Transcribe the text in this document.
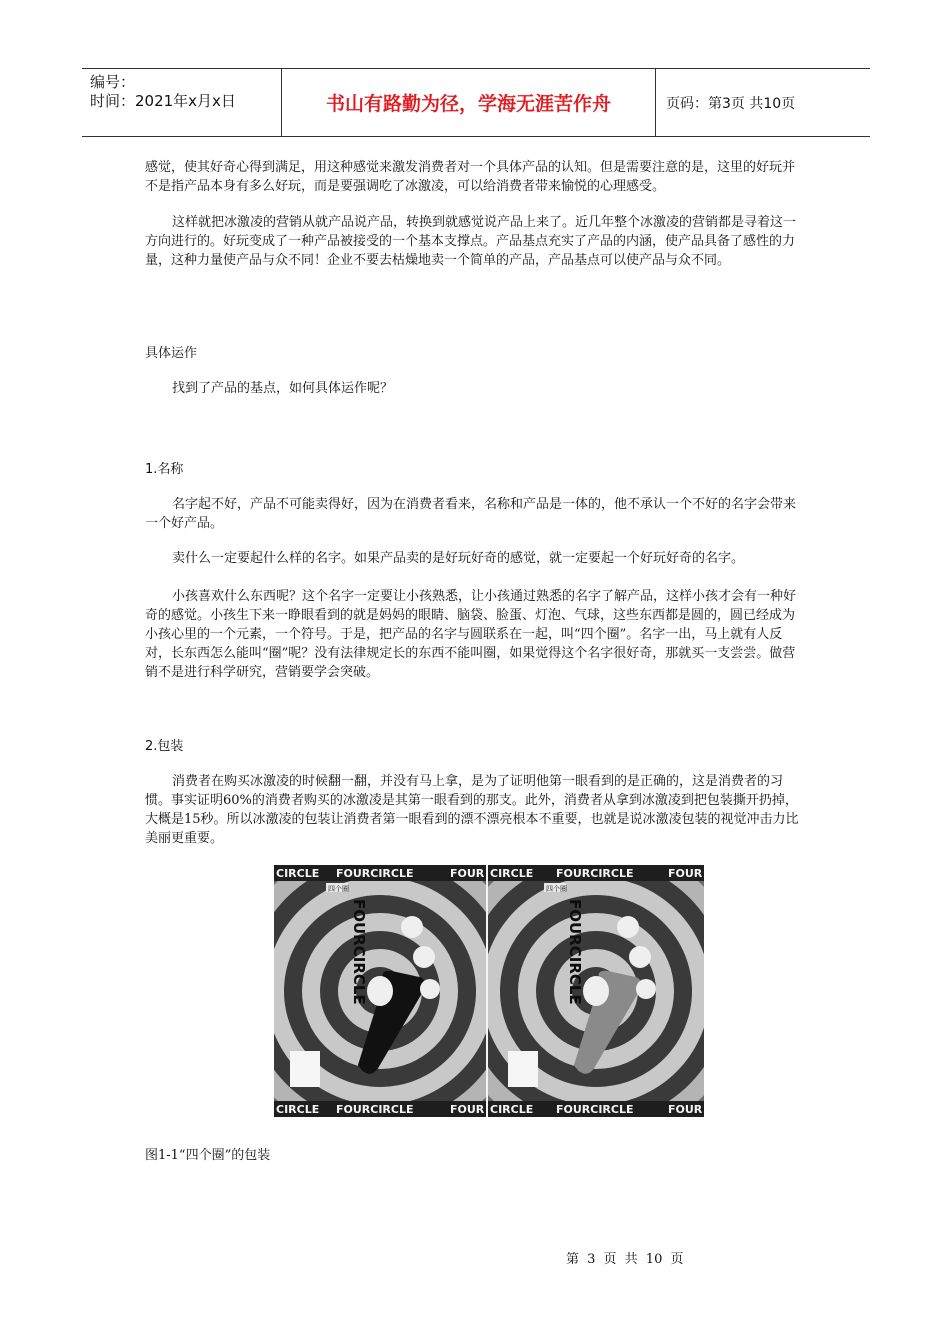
编号：
时间：2021年x月x日	书山有路勤为径，学海无涯苦作舟	页码：第3页 共10页

感觉，使其好奇心得到满足，用这种感觉来激发消费者对一个具体产品的认知。但是需要注意的是，这里的好玩并不是指产品本身有多么好玩，而是要强调吃了冰激凌，可以给消费者带来愉悦的心理感受。

这样就把冰激凌的营销从就产品说产品，转换到就感觉说产品上来了。近几年整个冰激凌的营销都是寻着这一方向进行的。好玩变成了一种产品被接受的一个基本支撑点。产品基点充实了产品的内涵，使产品具备了感性的力量，这种力量使产品与众不同！企业不要去枯燥地卖一个简单的产品，产品基点可以使产品与众不同。

具体运作

找到了产品的基点，如何具体运作呢？

1.名称

名字起不好，产品不可能卖得好，因为在消费者看来，名称和产品是一体的，他不承认一个不好的名字会带来一个好产品。

卖什么一定要起什么样的名字。如果产品卖的是好玩好奇的感觉，就一定要起一个好玩好奇的名字。

小孩喜欢什么东西呢？这个名字一定要让小孩熟悉，让小孩通过熟悉的名字了解产品，这样小孩才会有一种好奇的感觉。小孩生下来一睁眼看到的就是妈妈的眼睛、脑袋、脸蛋、灯泡、气球，这些东西都是圆的，圆已经成为小孩心里的一个元素，一个符号。于是，把产品的名字与圆联系在一起，叫“四个圈”。名字一出，马上就有人反对，长东西怎么能叫“圈”呢？没有法律规定长的东西不能叫圈，如果觉得这个名字很好奇，那就买一支尝尝。做营销不是进行科学研究，营销要学会突破。

2.包装

消费者在购买冰激凌的时候翻一翻，并没有马上拿，是为了证明他第一眼看到的是正确的，这是消费者的习惯。事实证明60%的消费者购买的冰激凌是其第一眼看到的那支。此外，消费者从拿到冰激凌到把包装撕开扔掉，大概是15秒。所以冰激凌的包装让消费者第一眼看到的漂不漂亮根本不重要，也就是说冰激凌包装的视觉冲击力比美丽更重要。

CIRCLE FOURCIRCLE	FOUR CIRCLE FOURCIRCLE	FOUR
CIRCLE FOURCIRCLE	FOUR CIRCLE FOURCIRCLE	FOUR
FOURCIRCLE	FOURCIRCLE
四个圈	四个圈

图1-1“四个圈”的包装

第 3 页 共 10 页
